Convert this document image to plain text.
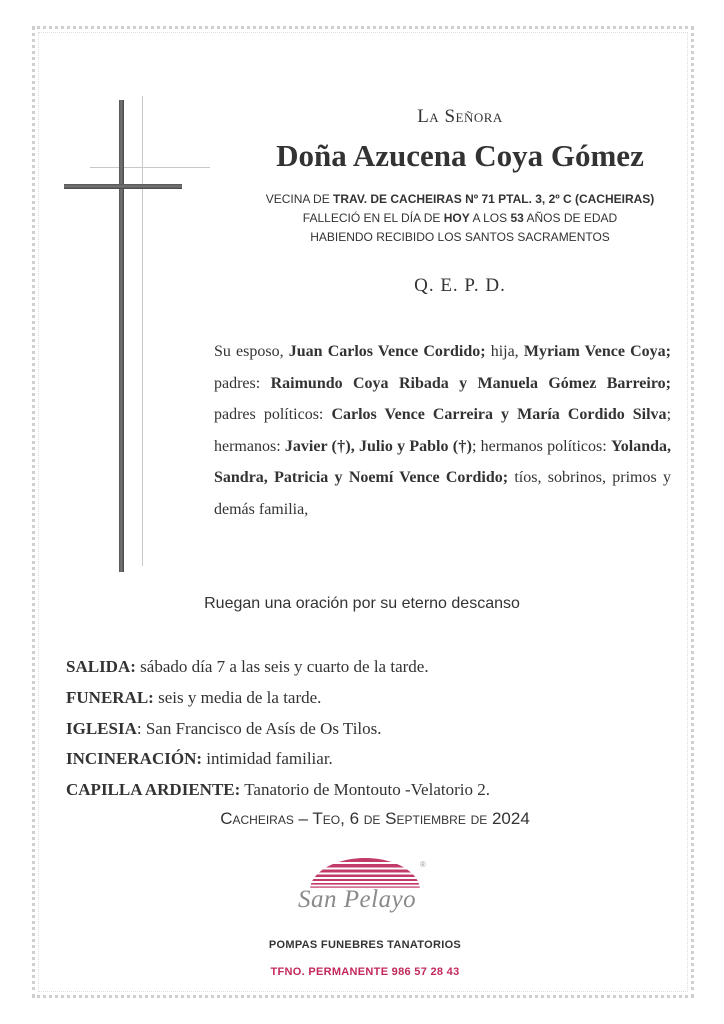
La Señora
Doña Azucena Coya Gómez
VECINA DE TRAV. DE CACHEIRAS Nº 71 PTAL. 3, 2º C (CACHEIRAS)
FALLECIÓ EN EL DÍA DE HOY A LOS 53 AÑOS DE EDAD
HABIENDO RECIBIDO LOS SANTOS SACRAMENTOS
Q. E. P. D.
Su esposo, Juan Carlos Vence Cordido; hija, Myriam Vence Coya; padres: Raimundo Coya Ribada y Manuela Gómez Barreiro; padres políticos: Carlos Vence Carreira y María Cordido Silva; hermanos: Javier (†), Julio y Pablo (†); hermanos políticos: Yolanda, Sandra, Patricia y Noemí Vence Cordido; tíos, sobrinos, primos y demás familia,
Ruegan una oración por su eterno descanso
SALIDA: sábado día 7 a las seis y cuarto de la tarde.
FUNERAL: seis y media de la tarde.
IGLESIA: San Francisco de Asís de Os Tilos.
INCINERACIÓN: intimidad familiar.
CAPILLA ARDIENTE: Tanatorio de Montouto -Velatorio 2.
Cacheiras – Teo, 6 de Septiembre de 2024
®
San Pelayo
POMPAS FUNEBRES TANATORIOS
TFNO. PERMANENTE 986 57 28 43
